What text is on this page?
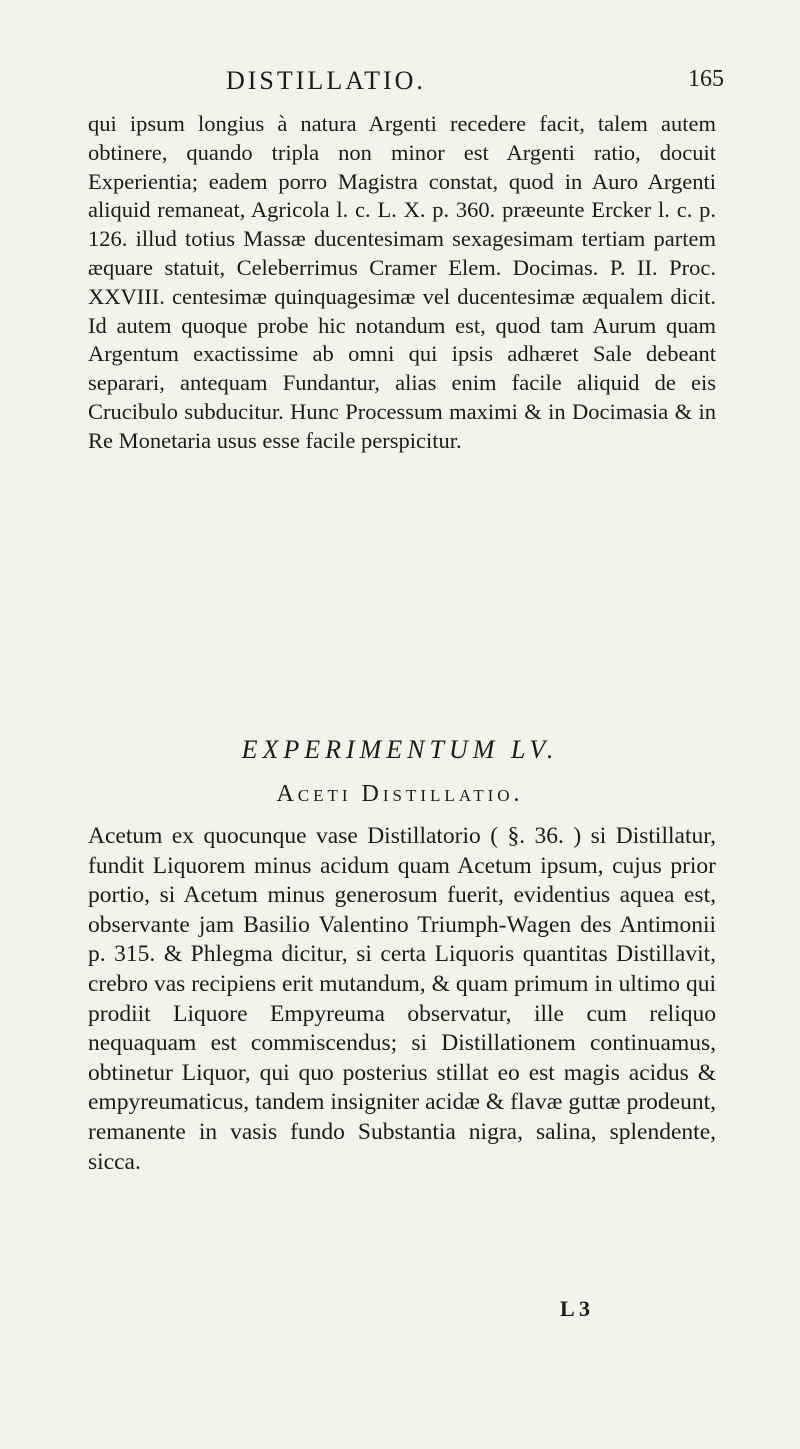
DISTILLATIO.	165

qui ipsum longius à natura Argenti recedere facit, talem autem obtinere, quando tripla non minor est Argenti ratio, docuit Experientia; eadem porro Magistra constat, quod in Auro Argenti aliquid remaneat, Agricola l. c. L. X. p. 360. præeunte Ercker l. c. p. 126. illud totius Massæ ducentesimam sexagesimam tertiam partem æquare statuit, Celeberrimus Cramer Elem. Docimas. P. II. Proc. XXVIII. centesimæ quinquagesimæ vel ducentesimæ æqualem dicit. Id autem quoque probe hic notandum est, quod tam Aurum quam Argentum exactissime ab omni qui ipsis adhæret Sale debeant separari, antequam Fundantur, alias enim facile aliquid de eis Crucibulo subducitur. Hunc Processum maximi & in Docimasia & in Re Monetaria usus esse facile perspicitur.

EXPERIMENTUM LV.
Aceti Distillatio.

Acetum ex quocunque vase Distillatorio ( §. 36. ) si Distillatur, fundit Liquorem minus acidum quam Acetum ipsum, cujus prior portio, si Acetum minus generosum fuerit, evidentius aquea est, observante jam Basilio Valentino Triumph-Wagen des Antimonii p. 315. & Phlegma dicitur, si certa Liquoris quantitas Distillavit, crebro vas recipiens erit mutandum, & quam primum in ultimo qui prodiit Liquore Empyreuma observatur, ille cum reliquo nequaquam est commiscendus; si Distillationem continuamus, obtinetur Liquor, qui quo posterius stillat eo est magis acidus & empyreumaticus, tandem insigniter acidæ & flavæ guttæ prodeunt, remanente in vasis fundo Substantia nigra, salina, splendente, sicca.

L 3
